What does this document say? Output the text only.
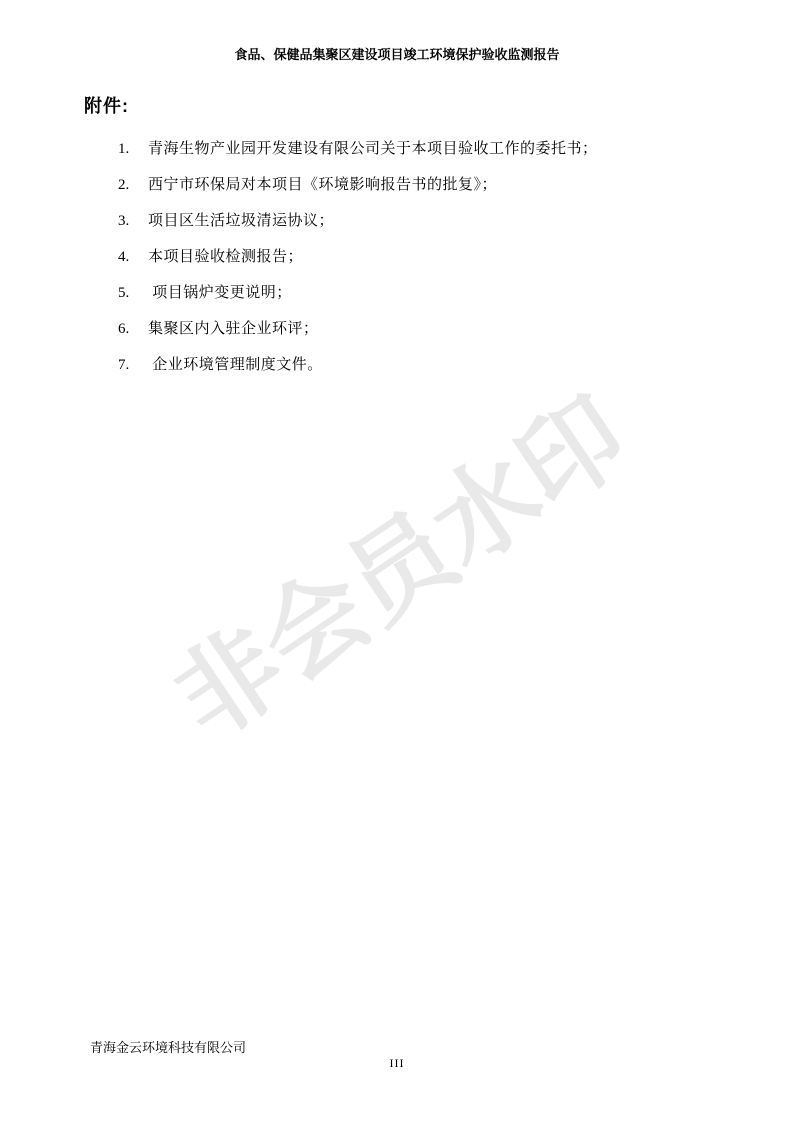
非会员水印
食品、保健品集聚区建设项目竣工环境保护验收监测报告
附件:
1.	青海生物产业园开发建设有限公司关于本项目验收工作的委托书；
2.	西宁市环保局对本项目《环境影响报告书的批复》；
3.	项目区生活垃圾清运协议；
4.	本项目验收检测报告；
5.	项目锅炉变更说明；
6.	集聚区内入驻企业环评；
7.	企业环境管理制度文件。
青海金云环境科技有限公司
III
